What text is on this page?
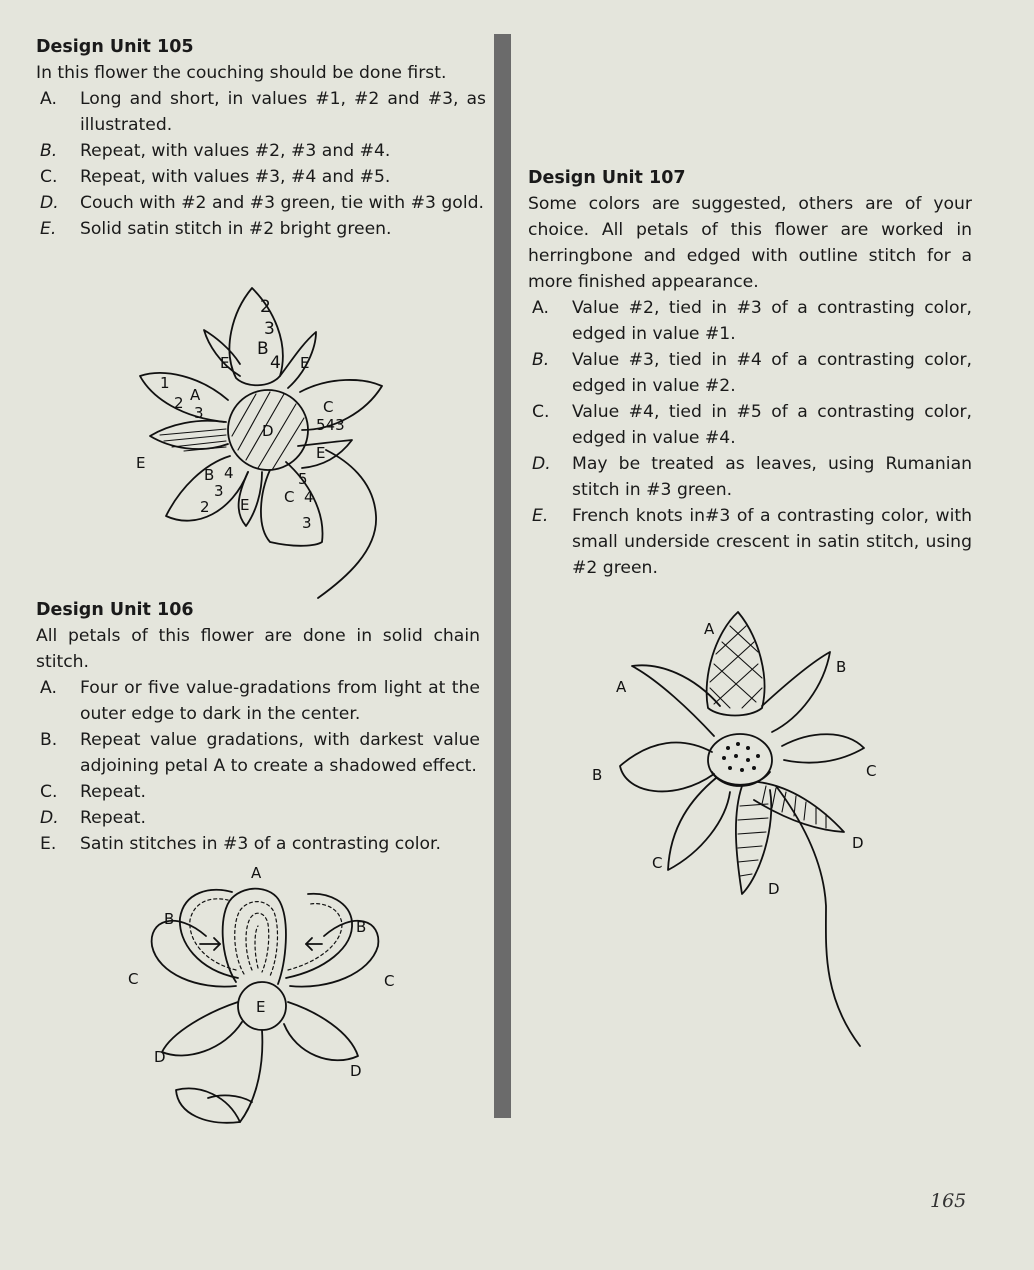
Design Unit 105

In this flower the couching should be done first.

A. Long and short, in values #1, #2 and #3, as illustrated.
B. Repeat, with values #2, #3 and #4.
C. Repeat, with values #3, #4 and #5.
D. Couch with #2 and #3 green, tie with #3 gold.
E. Solid satin stitch in #2 bright green.
2
3
B
4
E	E
1
A
2
3	C
543
D
E
E
B 4
3
2 E
5
C 4
3
Design Unit 106

All petals of this flower are done in solid chain stitch.

A. Four or five value-gradations from light at the outer edge to dark in the center.
B. Repeat value gradations, with darkest value adjoining petal A to create a shadowed effect.
C. Repeat.
D. Repeat.
E. Satin stitches in #3 of a contrasting color.
A
B	B
C	C
E
D
D
Design Unit 107

Some colors are suggested, others are of your choice. All petals of this flower are worked in herringbone and edged with outline stitch for a more finished appearance.

A. Value #2, tied in #3 of a contrasting color, edged in value #1.
B. Value #3, tied in #4 of a contrasting color, edged in value #2.
C. Value #4, tied in #5 of a contrasting color, edged in value #4.
D. May be treated as leaves, using Rumanian stitch in #3 green.
E. French knots in#3 of a contrasting color, with small underside crescent in satin stitch, using #2 green.
A
A
B
B	C
C
D
D
165
